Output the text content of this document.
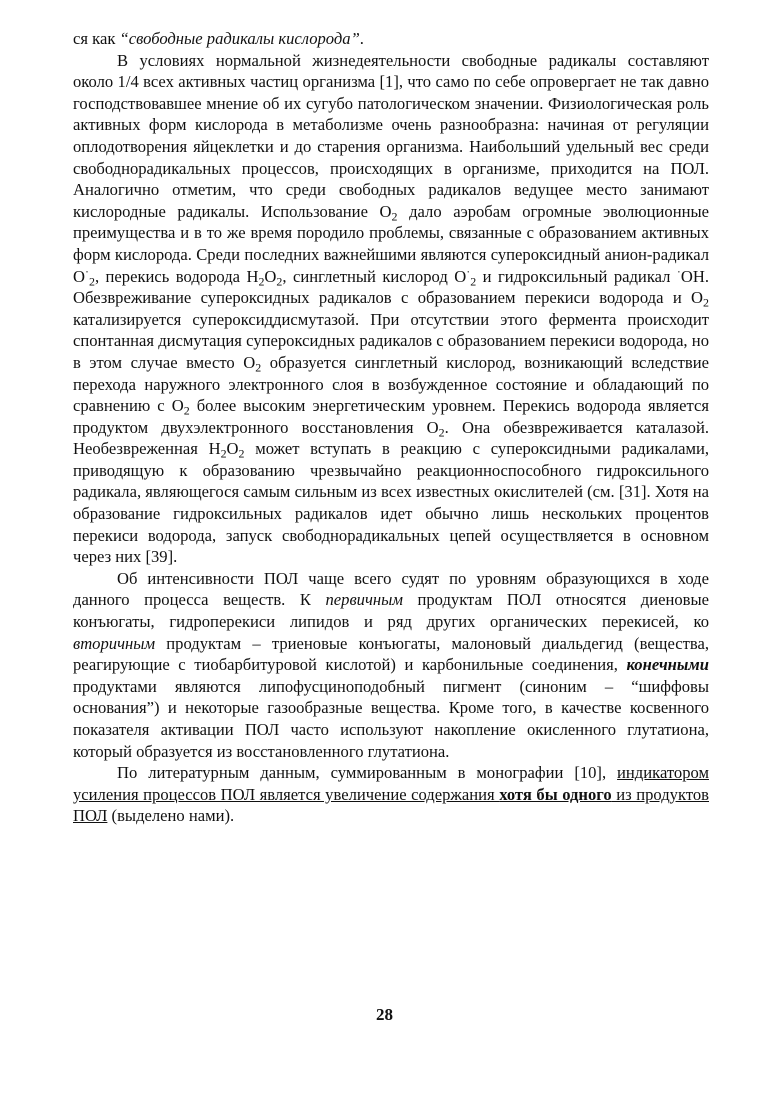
ся как “свободные радикалы кислорода”.

В условиях нормальной жизнедеятельности свободные радикалы составляют около 1/4 всех активных частиц организма [1], что само по себе опровергает не так давно господствовавшее мнение об их сугубо патологическом значении. Физиологическая роль активных форм кислорода в метаболизме очень разнообразна: начиная от регуляции оплодотворения яйцеклетки и до старения организма. Наибольший удельный вес среди свободнорадикальных процессов, происходящих в организме, приходится на ПОЛ. Аналогично отметим, что среди свободных радикалов ведущее место занимают кислородные радикалы. Использование $O_2$ дало аэробам огромные эволюционные преимущества и в то же время породило проблемы, связанные с образованием активных форм кислорода. Среди последних важнейшими являются супероксидный анион-радикал $O^\cdot_2$, перекись водорода $H_2O_2$, синглетный кислород $O^\cdot_2$ и гидроксильный радикал ·OH. Обезвреживание супероксидных радикалов с образованием перекиси водорода и $O_2$ катализируется супероксиддисмутазой. При отсутствии этого фермента происходит спонтанная дисмутация супероксидных радикалов с образованием перекиси водорода, но в этом случае вместо $O_2$ образуется синглетный кислород, возникающий вследствие перехода наружного электронного слоя в возбужденное состояние и обладающий по сравнению с $O_2$ более высоким энергетическим уровнем. Перекись водорода является продуктом двухэлектронного восстановления $O_2$. Она обезвреживается каталазой. Необезвреженная $H_2O_2$ может вступать в реакцию с супероксидными радикалами, приводящую к образованию чрезвычайно реакционноспособного гидроксильного радикала, являющегося самым сильным из всех известных окислителей (см. [31]. Хотя на образование гидроксильных радикалов идет обычно лишь нескольких процентов перекиси водорода, запуск свободнорадикальных цепей осуществляется в основном через них [39].

Об интенсивности ПОЛ чаще всего судят по уровням образующихся в ходе данного процесса веществ. К первичным продуктам ПОЛ относятся диеновые конъюгаты, гидроперекиси липидов и ряд других органических перекисей, ко вторичным продуктам – триеновые конъюгаты, малоновый диальдегид (вещества, реагирующие с тиобарбитуровой кислотой) и карбонильные соединения, конечными продуктами являются липофусциноподобный пигмент (синоним – “шиффовы основания”) и некоторые газообразные вещества. Кроме того, в качестве косвенного показателя активации ПОЛ часто используют накопление окисленного глутатиона, который образуется из восстановленного глутатиона.

По литературным данным, суммированным в монографии [10], индикатором усиления процессов ПОЛ является увеличение содержания хотя бы одного из продуктов ПОЛ (выделено нами).

28
